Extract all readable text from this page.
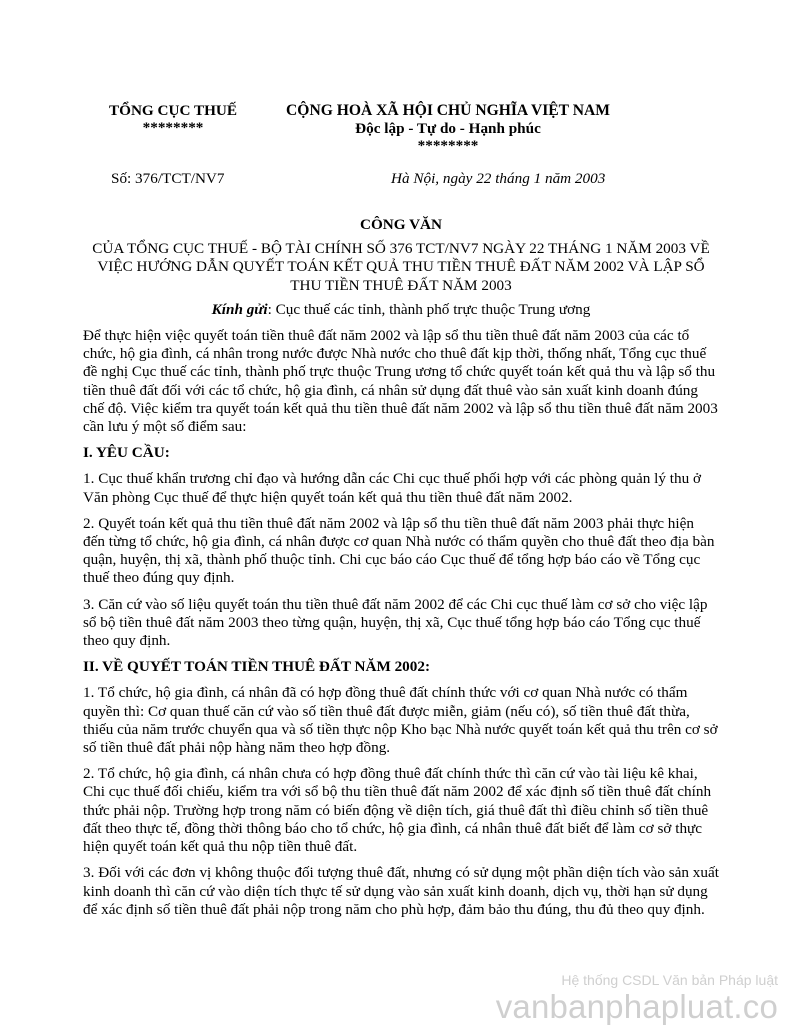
TỔNG CỤC THUẾ
********
CỘNG HOÀ XÃ HỘI CHỦ NGHĨA VIỆT NAM
Độc lập - Tự do - Hạnh phúc
********
Số: 376/TCT/NV7	Hà Nội, ngày 22 tháng 1 năm 2003
CÔNG VĂN
CỦA TỔNG CỤC THUẾ - BỘ TÀI CHÍNH SỐ 376 TCT/NV7 NGÀY 22 THÁNG 1 NĂM 2003 VỀ VIỆC HƯỚNG DẪN QUYẾT TOÁN KẾT QUẢ THU TIỀN THUÊ ĐẤT NĂM 2002 VÀ LẬP SỔ THU TIỀN THUÊ ĐẤT NĂM 2003
Kính gửi: Cục thuế các tỉnh, thành phố trực thuộc Trung ương

Để thực hiện việc quyết toán tiền thuê đất năm 2002 và lập sổ thu tiền thuê đất năm 2003 của các tổ chức, hộ gia đình, cá nhân trong nước được Nhà nước cho thuê đất kịp thời, thống nhất, Tổng cục thuế đề nghị Cục thuế các tỉnh, thành phố trực thuộc Trung ương tổ chức quyết toán kết quả thu và lập sổ thu tiền thuê đất đối với các tổ chức, hộ gia đình, cá nhân sử dụng đất thuê vào sản xuất kinh doanh đúng chế độ. Việc kiểm tra quyết toán kết quả thu tiền thuê đất năm 2002 và lập sổ thu tiền thuê đất năm 2003 cần lưu ý một số điểm sau:

I. YÊU CẦU:

1. Cục thuế khẩn trương chỉ đạo và hướng dẫn các Chi cục thuế phối hợp với các phòng quản lý thu ở Văn phòng Cục thuế để thực hiện quyết toán kết quả thu tiền thuê đất năm 2002.

2. Quyết toán kết quả thu tiền thuê đất năm 2002 và lập sổ thu tiền thuê đất năm 2003 phải thực hiện đến từng tổ chức, hộ gia đình, cá nhân được cơ quan Nhà nước có thẩm quyền cho thuê đất theo địa bàn quận, huyện, thị xã, thành phố thuộc tỉnh. Chi cục báo cáo Cục thuế để tổng hợp báo cáo về Tổng cục thuế theo đúng quy định.

3. Căn cứ vào số liệu quyết toán thu tiền thuê đất năm 2002 để các Chi cục thuế làm cơ sở cho việc lập sổ bộ tiền thuê đất năm 2003 theo từng quận, huyện, thị xã, Cục thuế tổng hợp báo cáo Tổng cục thuế theo quy định.

II. VỀ QUYẾT TOÁN TIỀN THUÊ ĐẤT NĂM 2002:

1. Tổ chức, hộ gia đình, cá nhân đã có hợp đồng thuê đất chính thức với cơ quan Nhà nước có thẩm quyền thì: Cơ quan thuế căn cứ vào số tiền thuê đất được miễn, giảm (nếu có), số tiền thuê đất thừa, thiếu của năm trước chuyển qua và số tiền thực nộp Kho bạc Nhà nước quyết toán kết quả thu trên cơ sở số tiền thuê đất phải nộp hàng năm theo hợp đồng.

2. Tổ chức, hộ gia đình, cá nhân chưa có hợp đồng thuê đất chính thức thì căn cứ vào tài liệu kê khai, Chi cục thuế đối chiếu, kiểm tra với sổ bộ thu tiền thuê đất năm 2002 để xác định số tiền thuê đất chính thức phải nộp. Trường hợp trong năm có biến động về diện tích, giá thuê đất thì điều chỉnh số tiền thuê đất theo thực tế, đồng thời thông báo cho tổ chức, hộ gia đình, cá nhân thuê đất biết để làm cơ sở thực hiện quyết toán kết quả thu nộp tiền thuê đất.

3. Đối với các đơn vị không thuộc đối tượng thuê đất, nhưng có sử dụng một phần diện tích vào sản xuất kinh doanh thì căn cứ vào diện tích thực tế sử dụng vào sản xuất kinh doanh, dịch vụ, thời hạn sử dụng để xác định số tiền thuê đất phải nộp trong năm cho phù hợp, đảm bảo thu đúng, thu đủ theo quy định.

Hệ thống CSDL Văn bản Pháp luật
vanbanphapluat.co
